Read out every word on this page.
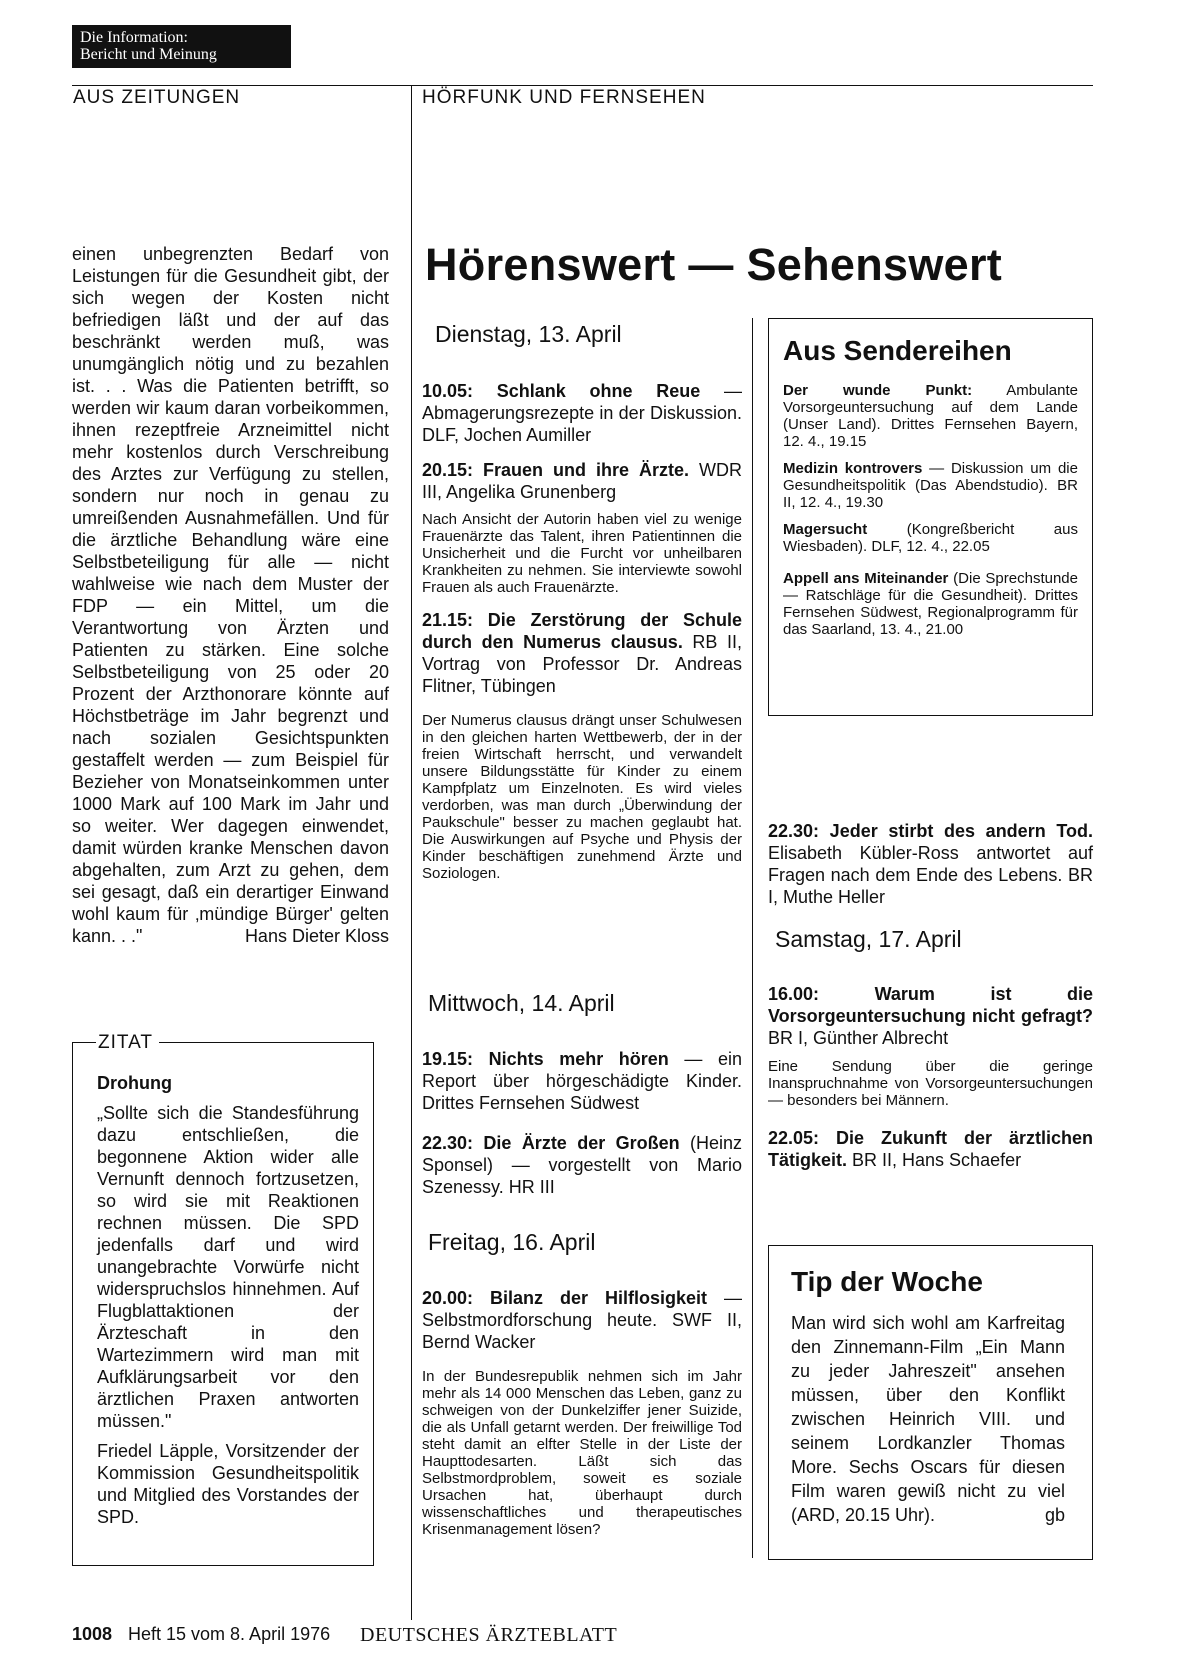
Die Information:
Bericht und Meinung
AUS ZEITUNGEN	HÖRFUNK UND FERNSEHEN

einen unbegrenzten Bedarf von Leistungen für die Gesundheit gibt, der sich wegen der Kosten nicht befriedigen läßt und der auf das beschränkt werden muß, was unumgänglich nötig und zu bezahlen ist. . . Was die Patienten betrifft, so werden wir kaum daran vorbeikommen, ihnen rezeptfreie Arzneimittel nicht mehr kostenlos durch Verschreibung des Arztes zur Verfügung zu stellen, sondern nur noch in genau zu umreißenden Ausnahmefällen. Und für die ärztliche Behandlung wäre eine Selbstbeteiligung für alle — nicht wahlweise wie nach dem Muster der FDP — ein Mittel, um die Verantwortung von Ärzten und Patienten zu stärken. Eine solche Selbstbeteiligung von 25 oder 20 Prozent der Arzthonorare könnte auf Höchstbeträge im Jahr begrenzt und nach sozialen Gesichtspunkten gestaffelt werden — zum Beispiel für Bezieher von Monatseinkommen unter 1000 Mark auf 100 Mark im Jahr und so weiter. Wer dagegen einwendet, damit würden kranke Menschen davon abgehalten, zum Arzt zu gehen, dem sei gesagt, daß ein derartiger Einwand wohl kaum für ‚mündige Bürger' gelten kann. . ."	Hans Dieter Kloss

ZITAT

Drohung

„Sollte sich die Standesführung dazu entschließen, die begonnene Aktion wider alle Vernunft dennoch fortzusetzen, so wird sie mit Reaktionen rechnen müssen. Die SPD jedenfalls darf und wird unangebrachte Vorwürfe nicht widerspruchslos hinnehmen. Auf Flugblattaktionen der Ärzteschaft in den Wartezimmern wird man mit Aufklärungsarbeit vor den ärztlichen Praxen antworten müssen."

Friedel Läpple, Vorsitzender der Kommission Gesundheitspolitik und Mitglied des Vorstandes der SPD.

Hörenswert — Sehenswert
Dienstag, 13. April

10.05: Schlank ohne Reue — Abmagerungsrezepte in der Diskussion. DLF, Jochen Aumiller

20.15: Frauen und ihre Ärzte. WDR III, Angelika Grunenberg

Nach Ansicht der Autorin haben viel zu wenige Frauenärzte das Talent, ihren Patientinnen die Unsicherheit und die Furcht vor unheilbaren Krankheiten zu nehmen. Sie interviewte sowohl Frauen als auch Frauenärzte.

21.15: Die Zerstörung der Schule durch den Numerus clausus. RB II, Vortrag von Professor Dr. Andreas Flitner, Tübingen

Der Numerus clausus drängt unser Schulwesen in den gleichen harten Wettbewerb, der in der freien Wirtschaft herrscht, und verwandelt unsere Bildungsstätte für Kinder zu einem Kampfplatz um Einzelnoten. Es wird vieles verdorben, was man durch „Überwindung der Paukschule" besser zu machen geglaubt hat. Die Auswirkungen auf Psyche und Physis der Kinder beschäftigen zunehmend Ärzte und Soziologen.

Mittwoch, 14. April

19.15: Nichts mehr hören — ein Report über hörgeschädigte Kinder. Drittes Fernsehen Südwest

22.30: Die Ärzte der Großen (Heinz Sponsel) — vorgestellt von Mario Szenessy. HR III

Freitag, 16. April

20.00: Bilanz der Hilflosigkeit — Selbstmordforschung heute. SWF II, Bernd Wacker

In der Bundesrepublik nehmen sich im Jahr mehr als 14 000 Menschen das Leben, ganz zu schweigen von der Dunkelziffer jener Suizide, die als Unfall getarnt werden. Der freiwillige Tod steht damit an elfter Stelle in der Liste der Haupttodesarten. Läßt sich das Selbstmordproblem, soweit es soziale Ursachen hat, überhaupt durch wissenschaftliches und therapeutisches Krisenmanagement lösen?

Aus Sendereihen

Der wunde Punkt: Ambulante Vorsorgeuntersuchung auf dem Lande (Unser Land). Drittes Fernsehen Bayern, 12. 4., 19.15

Medizin kontrovers — Diskussion um die Gesundheitspolitik (Das Abendstudio). BR II, 12. 4., 19.30

Magersucht (Kongreßbericht aus Wiesbaden). DLF, 12. 4., 22.05

Appell ans Miteinander (Die Sprechstunde — Ratschläge für die Gesundheit). Drittes Fernsehen Südwest, Regionalprogramm für das Saarland, 13. 4., 21.00

22.30: Jeder stirbt des andern Tod. Elisabeth Kübler-Ross antwortet auf Fragen nach dem Ende des Lebens. BR I, Muthe Heller

Samstag, 17. April

16.00: Warum ist die Vorsorgeuntersuchung nicht gefragt? BR I, Günther Albrecht

Eine Sendung über die geringe Inanspruchnahme von Vorsorgeuntersuchungen — besonders bei Männern.

22.05: Die Zukunft der ärztlichen Tätigkeit. BR II, Hans Schaefer

Tip der Woche

Man wird sich wohl am Karfreitag den Zinnemann-Film „Ein Mann zu jeder Jahreszeit" ansehen müssen, über den Konflikt zwischen Heinrich VIII. und seinem Lordkanzler Thomas More. Sechs Oscars für diesen Film waren gewiß nicht zu viel (ARD, 20.15 Uhr).	gb

1008 Heft 15 vom 8. April 1976 DEUTSCHES ÄRZTEBLATT
